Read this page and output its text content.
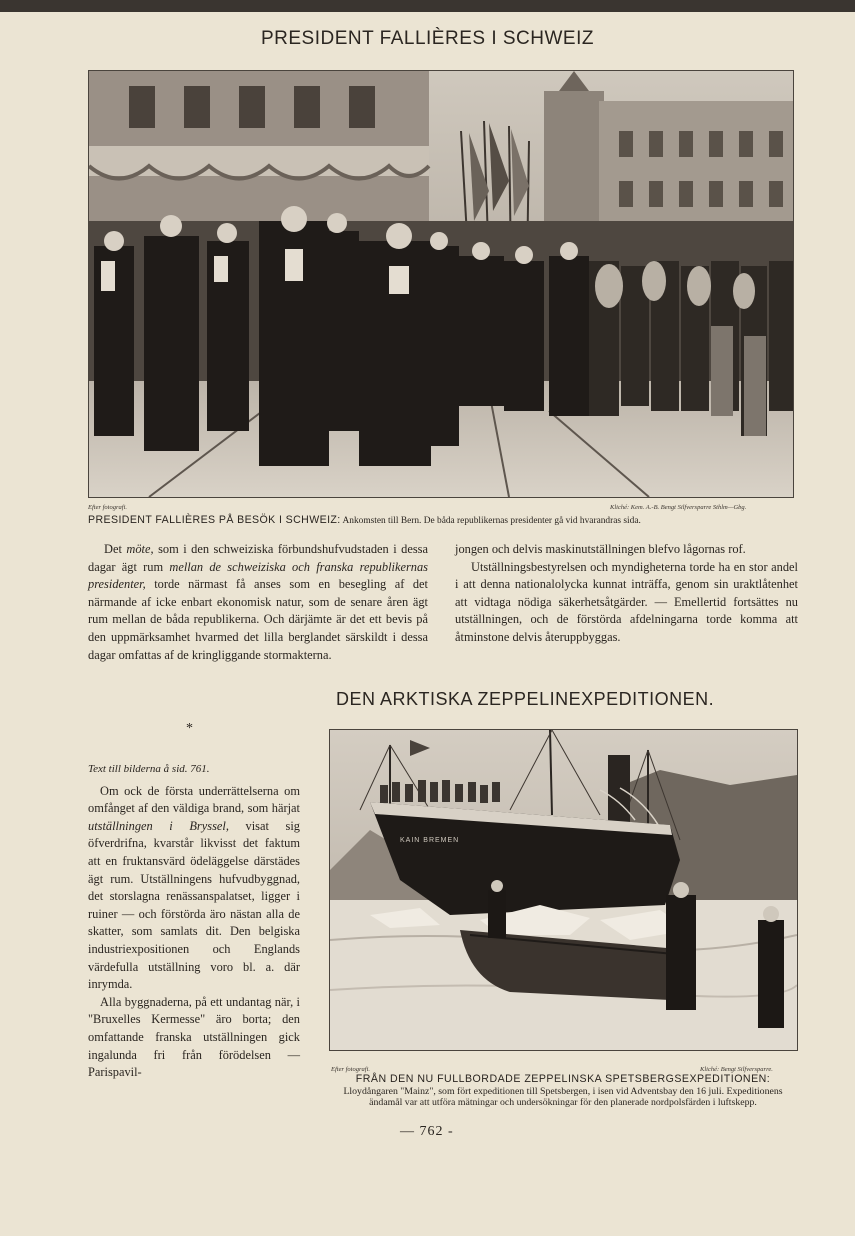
PRESIDENT FALLIÈRES I SCHWEIZ
Efter fotografi.	Kliché: Kem. A.-B. Bengt Silfversparre Sthlm—Gbg.
PRESIDENT FALLIÈRES PÅ BESÖK I SCHWEIZ: Ankomsten till Bern. De båda republikernas presidenter gå vid hvarandras sida.

Det möte, som i den schweiziska förbundshufvudstaden i dessa dagar ägt rum mellan de schweiziska och franska republikernas presidenter, torde närmast få anses som en besegling af det närmande af icke enbart ekonomisk natur, som de senare åren ägt rum mellan de båda republikerna. Och därjämte är det ett bevis på den uppmärksamhet hvarmed det lilla berglandet särskildt i dessa dagar omfattas af de kringliggande stormakterna.

jongen och delvis maskinutställningen blefvo lågornas rof.

Utställningsbestyrelsen och myndigheterna torde ha en stor andel i att denna nationalolycka kunnat inträffa, genom sin uraktlåtenhet att vidtaga nödiga säkerhetsåtgärder. — Emellertid fortsättes nu utställningen, och de förstörda afdelningarna torde komma att åtminstone delvis återuppbyggas.

DEN ARKTISKA ZEPPELINEXPEDITIONEN.
*

Text till bilderna å sid. 761.

Om ock de första underrättelserna om omfånget af den väldiga brand, som härjat utställningen i Bryssel, visat sig öfverdrifna, kvarstår likvisst det faktum att en fruktansvärd ödeläggelse därstädes ägt rum. Utställningens hufvudbyggnad, det storslagna renässanspalatset, ligger i ruiner — och förstörda äro nästan alla de skatter, som samlats dit. Den belgiska industriexpositionen och Englands värdefulla utställning voro bl. a. där inrymda.

Alla byggnaderna, på ett undantag när, i "Bruxelles Kermesse" äro borta; den omfattande franska utställningen gick ingalunda fri från förödelsen — Parispavil-

KAIN BREMEN
Efter fotografi.	Kliché: Bengt Silfversparre.
FRÅN DEN NU FULLBORDADE ZEPPELINSKA SPETSBERGSEXPEDITIONEN:
Lloydångaren "Mainz", som fört expeditionen till Spetsbergen, i isen vid Adventsbay den 16 juli. Expeditionens ändamål var att utföra mätningar och undersökningar för den planerade nordpolsfärden i luftskepp.
— 762 -
